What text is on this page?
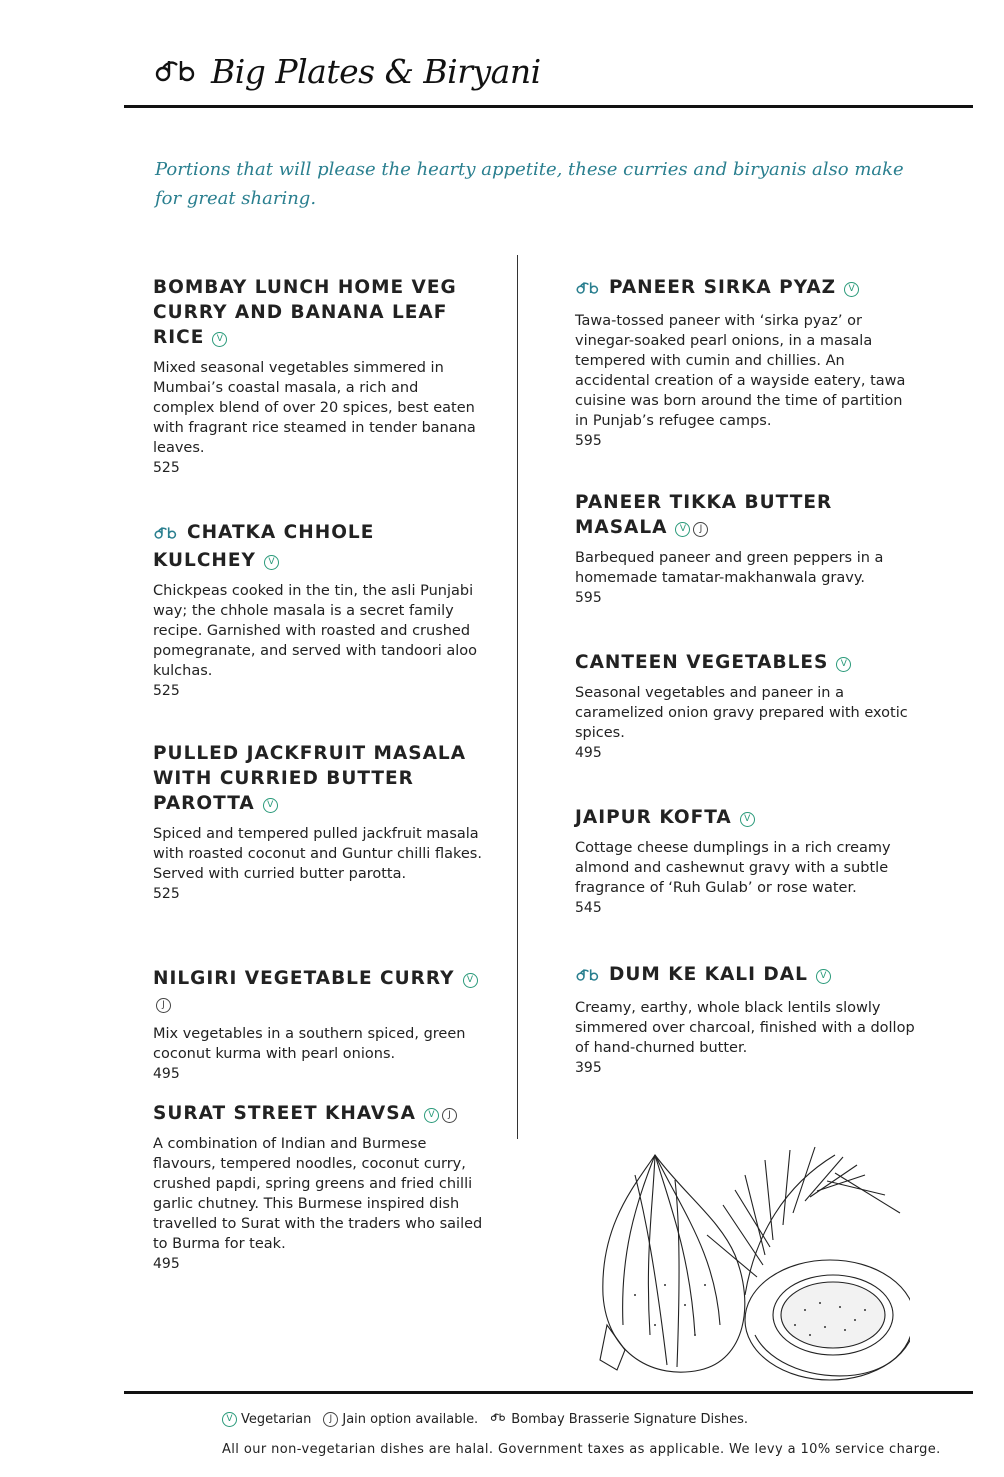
Big Plates & Biryani

Portions that will please the hearty appetite, these curries and biryanis also make for great sharing.

BOMBAY LUNCH HOME VEG CURRY AND BANANA LEAF RICE V
Mixed seasonal vegetables simmered in Mumbai’s coastal masala, a rich and complex blend of over 20 spices, best eaten with fragrant rice steamed in tender banana leaves.
525
CHATKA CHHOLE KULCHEY V
Chickpeas cooked in the tin, the asli Punjabi way; the chhole masala is a secret family recipe. Garnished with roasted and crushed pomegranate, and served with tandoori aloo kulchas.
525
PULLED JACKFRUIT MASALA WITH CURRIED BUTTER PAROTTA V
Spiced and tempered pulled jackfruit masala with roasted coconut and Guntur chilli flakes. Served with curried butter parotta.
525
NILGIRI VEGETABLE CURRY VJ
Mix vegetables in a southern spiced, green coconut kurma with pearl onions.
495
SURAT STREET KHAVSA V J
A combination of Indian and Burmese flavours, tempered noodles, coconut curry, crushed papdi, spring greens and fried chilli garlic chutney. This Burmese inspired dish travelled to Surat with the traders who sailed to Burma for teak.
495
PANEER SIRKA PYAZ V
Tawa-tossed paneer with ‘sirka pyaz’ or vinegar-soaked pearl onions, in a masala tempered with cumin and chillies. An accidental creation of a wayside eatery, tawa cuisine was born around the time of partition in Punjab’s refugee camps.
595
PANEER TIKKA BUTTER MASALA V J
Barbequed paneer and green peppers in a homemade tamatar-makhanwala gravy.
595
CANTEEN VEGETABLES V
Seasonal vegetables and paneer in a caramelized onion gravy prepared with exotic spices.
495
JAIPUR KOFTA V
Cottage cheese dumplings in a rich creamy almond and cashewnut gravy with a subtle fragrance of ‘Ruh Gulab’ or rose water.
545
DUM KE KALI DAL V
Creamy, earthy, whole black lentils slowly simmered over charcoal, finished with a dollop of hand-churned butter.
395
V Vegetarian	J Jain option available.	Bombay Brasserie Signature Dishes.
All our non-vegetarian dishes are halal. Government taxes as applicable. We levy a 10% service charge.
